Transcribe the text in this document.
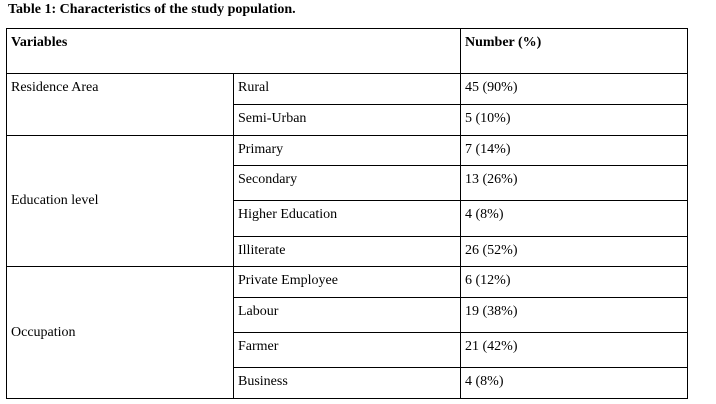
Table 1: Characteristics of the study population.
Variables		Number (%)
Residence Area	Rural	45 (90%)
	Semi-Urban	5 (10%)
Education level	Primary	7 (14%)
	Secondary	13 (26%)
	Higher Education	4 (8%)
	Illiterate	26 (52%)
Occupation	Private Employee	6 (12%)
	Labour	19 (38%)
	Farmer	21 (42%)
	Business	4 (8%)
